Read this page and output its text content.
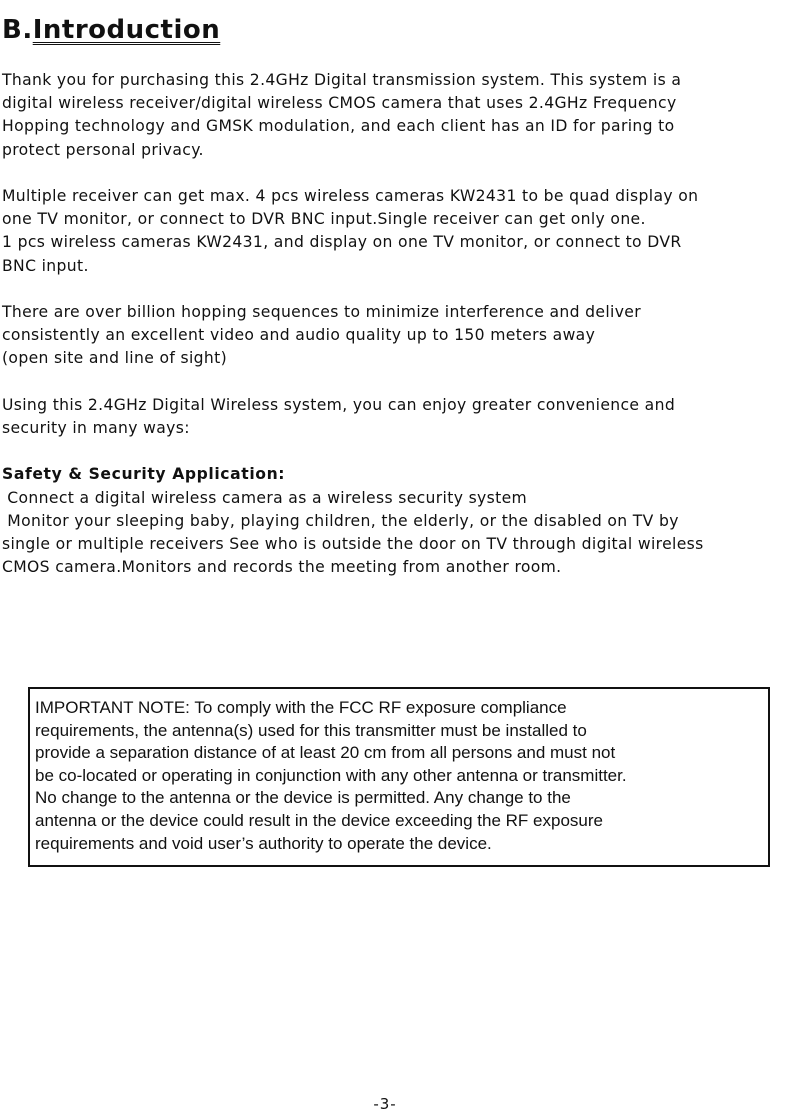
B.Introduction

Thank you for purchasing this 2.4GHz Digital transmission system. This system is a
digital wireless receiver/digital wireless CMOS camera that uses 2.4GHz Frequency
Hopping technology and GMSK modulation, and each client has an ID for paring to
protect personal privacy.

Multiple receiver can get max. 4 pcs wireless cameras KW2431 to be quad display on
one TV monitor, or connect to DVR BNC input.Single receiver can get only one.
1 pcs wireless cameras KW2431, and display on one TV monitor, or connect to DVR
BNC input.

There are over billion hopping sequences to minimize interference and deliver
consistently an excellent video and audio quality up to 150 meters away
(open site and line of sight)

Using this 2.4GHz Digital Wireless system, you can enjoy greater convenience and
security in many ways:

Safety & Security Application:
Connect a digital wireless camera as a wireless security system
Monitor your sleeping baby, playing children, the elderly, or the disabled on TV by
single or multiple receivers See who is outside the door on TV through digital wireless
CMOS camera.Monitors and records the meeting from another room.
IMPORTANT NOTE: To comply with the FCC RF exposure compliance
requirements, the antenna(s) used for this transmitter must be installed to
provide a separation distance of at least 20 cm from all persons and must not
be co-located or operating in conjunction with any other antenna or transmitter.
No change to the antenna or the device is permitted. Any change to the
antenna or the device could result in the device exceeding the RF exposure
requirements and void user’s authority to operate the device.
-3-
